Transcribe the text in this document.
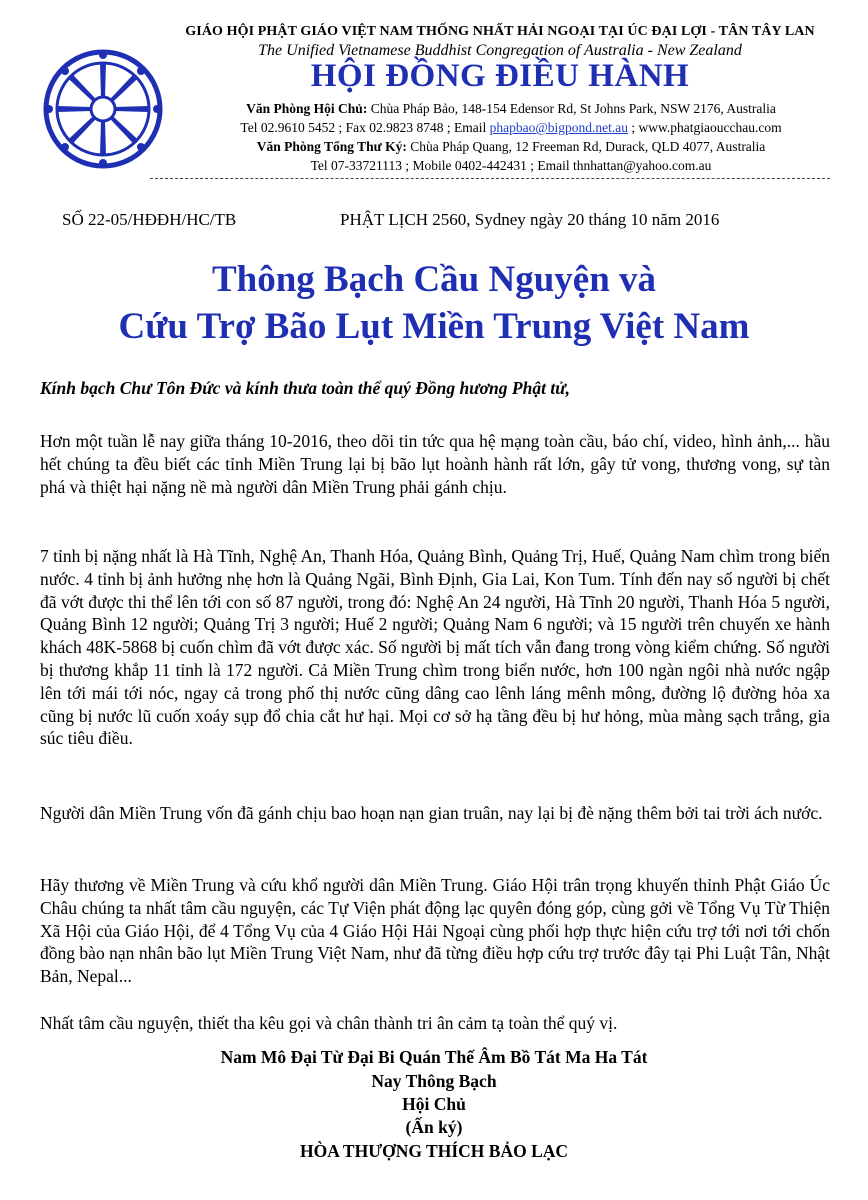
GIÁO HỘI PHẬT GIÁO VIỆT NAM THỐNG NHẤT HẢI NGOẠI TẠI ÚC ĐẠI LỢI - TÂN TÂY LAN
The Unified Vietnamese Buddhist Congregation of Australia - New Zealand
HỘI ĐỒNG ĐIỀU HÀNH
Văn Phòng Hội Chủ: Chùa Pháp Bảo, 148-154 Edensor Rd, St Johns Park, NSW 2176, Australia
Tel 02.9610 5452 ; Fax 02.9823 8748 ; Email phapbao@bigpond.net.au ; www.phatgiaoucchau.com
Văn Phòng Tổng Thư Ký: Chùa Pháp Quang, 12 Freeman Rd, Durack, QLD 4077, Australia
Tel 07-33721113 ; Mobile 0402-442431 ; Email thnhattan@yahoo.com.au
SỐ 22-05/HĐĐH/HC/TB	PHẬT LỊCH 2560, Sydney ngày 20 tháng 10 năm 2016
Thông Bạch Cầu Nguyện và
Cứu Trợ Bão Lụt Miền Trung Việt Nam
Kính bạch Chư Tôn Đức và kính thưa toàn thể quý Đồng hương Phật tử,
Hơn một tuần lễ nay giữa tháng 10-2016, theo dõi tin tức qua hệ mạng toàn cầu, báo chí, video, hình ảnh,... hầu hết chúng ta đều biết các tỉnh Miền Trung lại bị bão lụt hoành hành rất lớn, gây tử vong, thương vong, sự tàn phá và thiệt hại nặng nề mà người dân Miền Trung phải gánh chịu.
7 tỉnh bị nặng nhất là Hà Tĩnh, Nghệ An, Thanh Hóa, Quảng Bình, Quảng Trị, Huế, Quảng Nam chìm trong biển nước. 4 tỉnh bị ảnh hưởng nhẹ hơn là Quảng Ngãi, Bình Định, Gia Lai, Kon Tum. Tính đến nay số người bị chết đã vớt được thi thể lên tới con số 87 người, trong đó: Nghệ An 24 người, Hà Tĩnh 20 người, Thanh Hóa 5 người, Quảng Bình 12 người; Quảng Trị 3 người; Huế 2 người; Quảng Nam 6 người; và 15 người trên chuyến xe hành khách 48K-5868 bị cuốn chìm đã vớt được xác. Số người bị mất tích vẫn đang trong vòng kiểm chứng. Số người bị thương khắp 11 tỉnh là 172 người. Cả Miền Trung chìm trong biển nước, hơn 100 ngàn ngôi nhà nước ngập lên tới mái tới nóc, ngay cả trong phố thị nước cũng dâng cao lênh láng mênh mông, đường lộ đường hỏa xa cũng bị nước lũ cuốn xoáy sụp đổ chia cắt hư hại. Mọi cơ sở hạ tầng đều bị hư hỏng, mùa màng sạch trắng, gia súc tiêu điều.
Người dân Miền Trung vốn đã gánh chịu bao hoạn nạn gian truân, nay lại bị đè nặng thêm bởi tai trời ách nước.
Hãy thương về Miền Trung và cứu khổ người dân Miền Trung. Giáo Hội trân trọng khuyến thỉnh Phật Giáo Úc Châu chúng ta nhất tâm cầu nguyện, các Tự Viện phát động lạc quyên đóng góp, cùng gởi về Tổng Vụ Từ Thiện Xã Hội của Giáo Hội, để 4 Tổng Vụ của 4 Giáo Hội Hải Ngoại cùng phối hợp thực hiện cứu trợ tới nơi tới chốn đồng bào nạn nhân bão lụt Miền Trung Việt Nam, như đã từng điều hợp cứu trợ trước đây tại Phi Luật Tân, Nhật Bản, Nepal...
Nhất tâm cầu nguyện, thiết tha kêu gọi và chân thành tri ân cảm tạ toàn thể quý vị.
Nam Mô Đại Từ Đại Bi Quán Thế Âm Bồ Tát Ma Ha Tát
Nay Thông Bạch
Hội Chủ
(Ấn ký)
HÒA THƯỢNG THÍCH BẢO LẠC
